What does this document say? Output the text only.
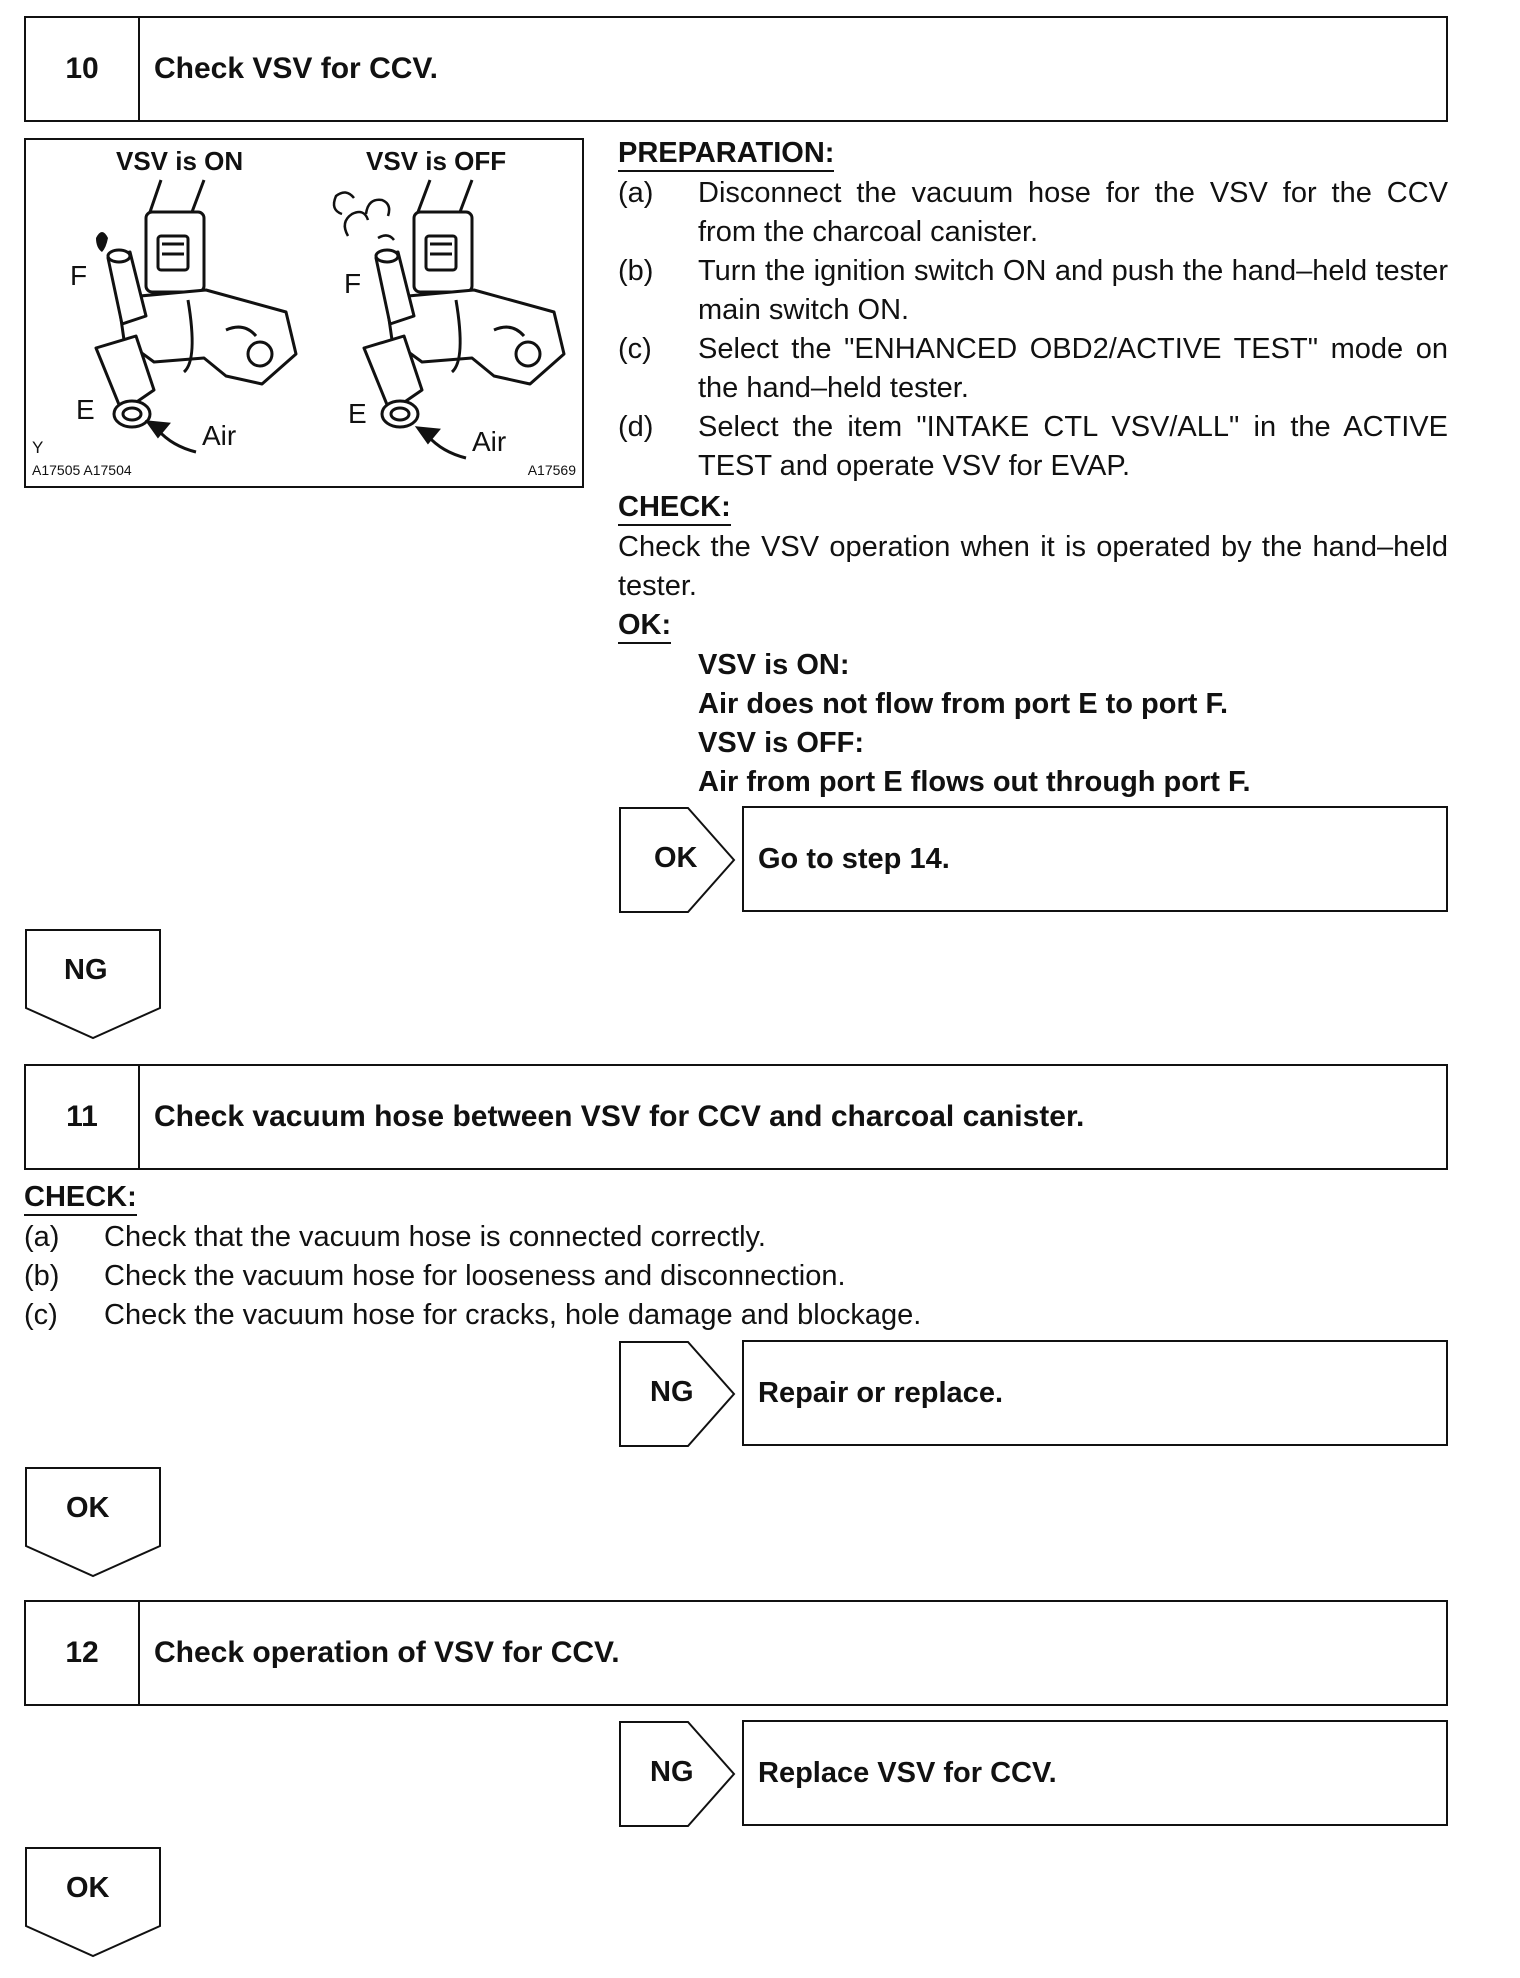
10	Check VSV for CCV.
VSV is ON	VSV is OFF
F
E
Air
F
E
Air
Y
A17505 A17504	A17569
PREPARATION:
(a) Disconnect the vacuum hose for the VSV for the CCV from the charcoal canister.
(b) Turn the ignition switch ON and push the hand–held tester main switch ON.
(c) Select the "ENHANCED OBD2/ACTIVE TEST" mode on the hand–held tester.
(d) Select the item "INTAKE CTL VSV/ALL" in the ACTIVE TEST and operate VSV for EVAP.
CHECK:
Check the VSV operation when it is operated by the hand–held tester.
OK:
VSV is ON:
Air does not flow from port E to port F.
VSV is OFF:
Air from port E flows out through port F.
OK	Go to step 14.
NG
11	Check vacuum hose between VSV for CCV and charcoal canister.
CHECK:
(a) Check that the vacuum hose is connected correctly.
(b) Check the vacuum hose for looseness and disconnection.
(c) Check the vacuum hose for cracks, hole damage and blockage.
NG	Repair or replace.
OK
12	Check operation of VSV for CCV.
NG	Replace VSV for CCV.
OK
